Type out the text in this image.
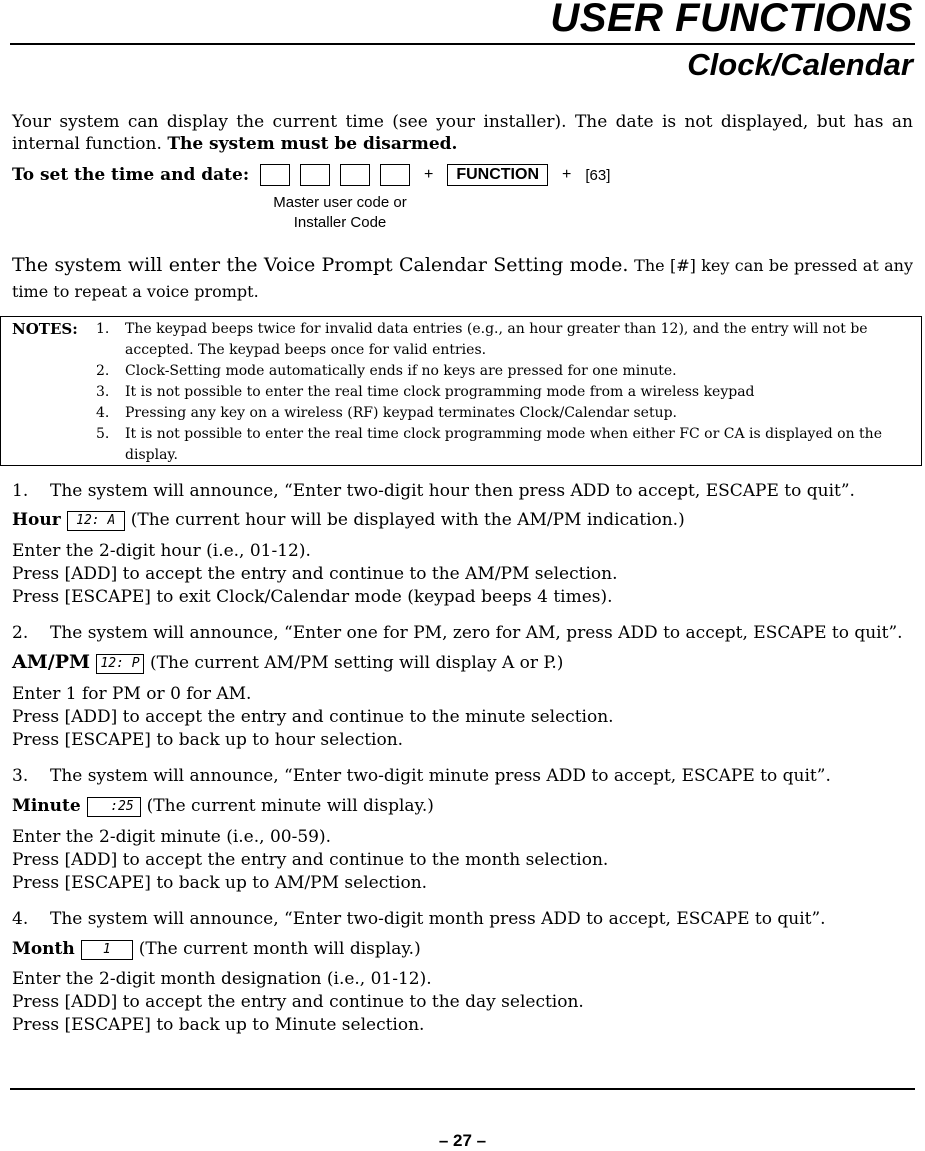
USER FUNCTIONS
Clock/Calendar
Your system can display the current time (see your installer). The date is not displayed, but has an internal function. The system must be disarmed.
To set the time and date:	+	FUNCTION	+ [63]
Master user code or
Installer Code
The system will enter the Voice Prompt Calendar Setting mode. The [#] key can be pressed at any time to repeat a voice prompt.
NOTES: 1.	The keypad beeps twice for invalid data entries (e.g., an hour greater than 12), and the entry will not be accepted. The keypad beeps once for valid entries.
2.	Clock-Setting mode automatically ends if no keys are pressed for one minute.
3.	It is not possible to enter the real time clock programming mode from a wireless keypad
4.	Pressing any key on a wireless (RF) keypad terminates Clock/Calendar setup.
5.	It is not possible to enter the real time clock programming mode when either FC or CA is displayed on the display.
1. The system will announce, “Enter two-digit hour then press ADD to accept, ESCAPE to quit”.
Hour 12: A (The current hour will be displayed with the AM/PM indication.)
Enter the 2-digit hour (i.e., 01-12).
Press [ADD] to accept the entry and continue to the AM/PM selection.
Press [ESCAPE] to exit Clock/Calendar mode (keypad beeps 4 times).
2. The system will announce, “Enter one for PM, zero for AM, press ADD to accept, ESCAPE to quit”.
AM/PM 12: P (The current AM/PM setting will display A or P.)
Enter 1 for PM or 0 for AM.
Press [ADD] to accept the entry and continue to the minute selection.
Press [ESCAPE] to back up to hour selection.
3. The system will announce, “Enter two-digit minute press ADD to accept, ESCAPE to quit”.
Minute :25 (The current minute will display.)
Enter the 2-digit minute (i.e., 00-59).
Press [ADD] to accept the entry and continue to the month selection.
Press [ESCAPE] to back up to AM/PM selection.
4. The system will announce, “Enter two-digit month press ADD to accept, ESCAPE to quit”.
Month 1 (The current month will display.)
Enter the 2-digit month designation (i.e., 01-12).
Press [ADD] to accept the entry and continue to the day selection.
Press [ESCAPE] to back up to Minute selection.
– 27 –
